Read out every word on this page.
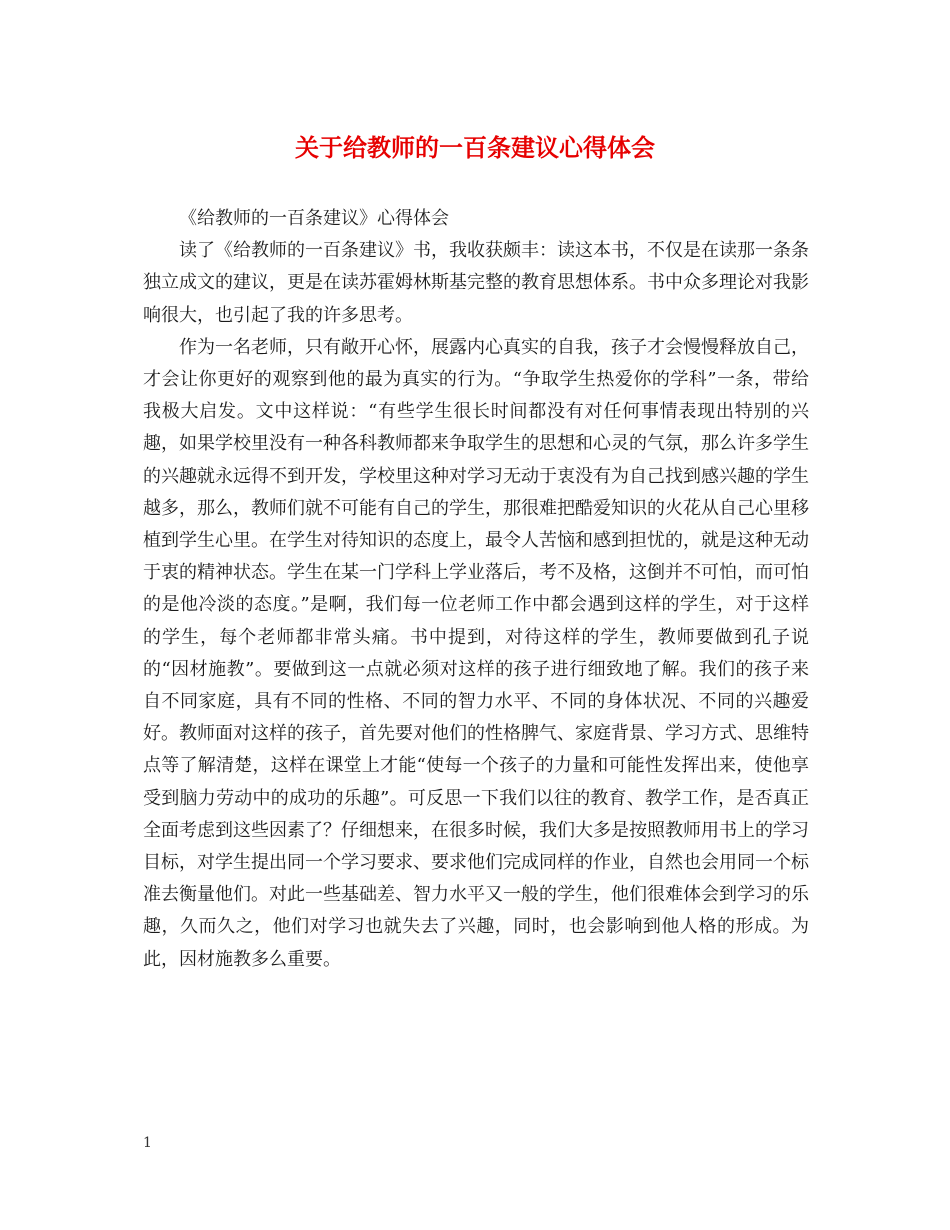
关于给教师的一百条建议心得体会

《给教师的一百条建议》心得体会

读了《给教师的一百条建议》书，我收获颇丰：读这本书，不仅是在读那一条条独立成文的建议，更是在读苏霍姆林斯基完整的教育思想体系。书中众多理论对我影响很大，也引起了我的许多思考。

作为一名老师，只有敞开心怀，展露内心真实的自我，孩子才会慢慢释放自己，才会让你更好的观察到他的最为真实的行为。“争取学生热爱你的学科”一条，带给我极大启发。文中这样说：“有些学生很长时间都没有对任何事情表现出特别的兴趣，如果学校里没有一种各科教师都来争取学生的思想和心灵的气氛，那么许多学生的兴趣就永远得不到开发，学校里这种对学习无动于衷没有为自己找到感兴趣的学生越多，那么，教师们就不可能有自己的学生，那很难把酷爱知识的火花从自己心里移植到学生心里。在学生对待知识的态度上，最令人苦恼和感到担忧的，就是这种无动于衷的精神状态。学生在某一门学科上学业落后，考不及格，这倒并不可怕，而可怕的是他冷淡的态度。”是啊，我们每一位老师工作中都会遇到这样的学生，对于这样的学生，每个老师都非常头痛。书中提到，对待这样的学生，教师要做到孔子说的“因材施教”。要做到这一点就必须对这样的孩子进行细致地了解。我们的孩子来自不同家庭，具有不同的性格、不同的智力水平、不同的身体状况、不同的兴趣爱好。教师面对这样的孩子，首先要对他们的性格脾气、家庭背景、学习方式、思维特点等了解清楚，这样在课堂上才能“使每一个孩子的力量和可能性发挥出来，使他享受到脑力劳动中的成功的乐趣”。可反思一下我们以往的教育、教学工作，是否真正全面考虑到这些因素了？仔细想来，在很多时候，我们大多是按照教师用书上的学习目标，对学生提出同一个学习要求、要求他们完成同样的作业，自然也会用同一个标准去衡量他们。对此一些基础差、智力水平又一般的学生，他们很难体会到学习的乐趣，久而久之，他们对学习也就失去了兴趣，同时，也会影响到他人格的形成。为此，因材施教多么重要。

1
